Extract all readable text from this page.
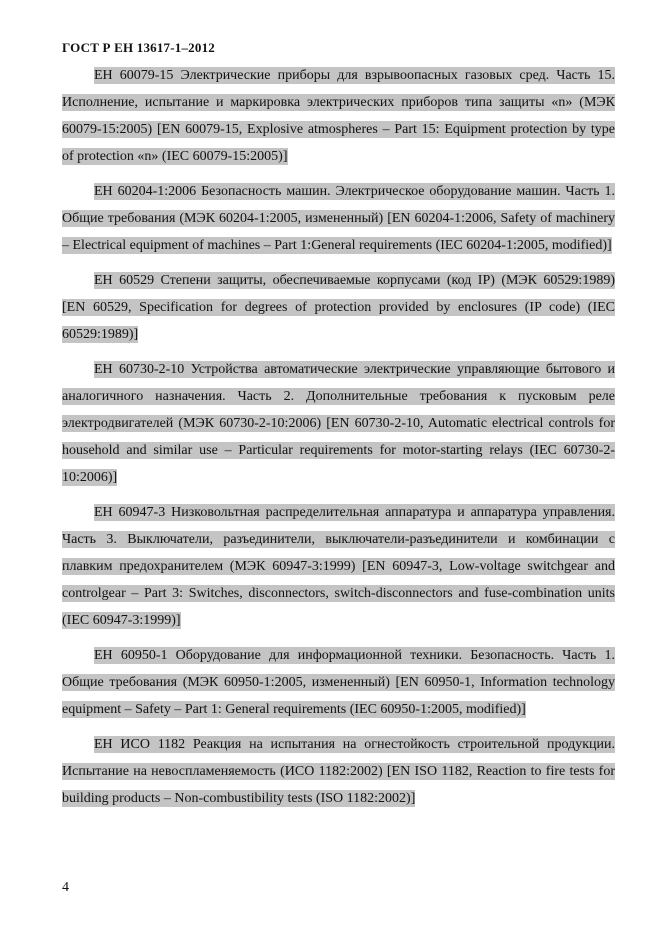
ГОСТ Р ЕН 13617-1–2012

ЕН 60079-15 Электрические приборы для взрывоопасных газовых сред. Часть 15. Исполнение, испытание и маркировка электрических приборов типа защиты «n» (МЭК 60079-15:2005) [EN 60079-15, Explosive atmospheres – Part 15: Equipment protection by type of protection «n» (IEC 60079-15:2005)]

ЕН 60204-1:2006 Безопасность машин. Электрическое оборудование машин. Часть 1. Общие требования (МЭК 60204-1:2005, измененный) [EN 60204-1:2006, Safety of machinery – Electrical equipment of machines – Part 1:General requirements (IEC 60204-1:2005, modified)]

ЕН 60529 Степени защиты, обеспечиваемые корпусами (код IP) (МЭК 60529:1989) [EN 60529, Specification for degrees of protection provided by enclosures (IP code) (IEC 60529:1989)]

ЕН 60730-2-10 Устройства автоматические электрические управляющие бытового и аналогичного назначения. Часть 2. Дополнительные требования к пусковым реле электродвигателей (МЭК 60730-2-10:2006) [EN 60730-2-10, Automatic electrical controls for household and similar use – Particular requirements for motor-starting relays (IEC 60730-2-10:2006)]

ЕН 60947-3 Низковольтная распределительная аппаратура и аппаратура управления. Часть 3. Выключатели, разъединители, выключатели-разъединители и комбинации с плавким предохранителем (МЭК 60947-3:1999) [EN 60947-3, Low-voltage switchgear and controlgear – Part 3: Switches, disconnectors, switch-disconnectors and fuse-combination units (IEC 60947-3:1999)]

ЕН 60950-1 Оборудование для информационной техники. Безопасность. Часть 1. Общие требования (МЭК 60950-1:2005, измененный) [EN 60950-1, Information technology equipment – Safety – Part 1: General requirements (IEC 60950-1:2005, modified)]

ЕН ИСО 1182 Реакция на испытания на огнестойкость строительной продукции. Испытание на невоспламеняемость (ИСО 1182:2002) [EN ISO 1182, Reaction to fire tests for building products – Non-combustibility tests (ISO 1182:2002)]

4
